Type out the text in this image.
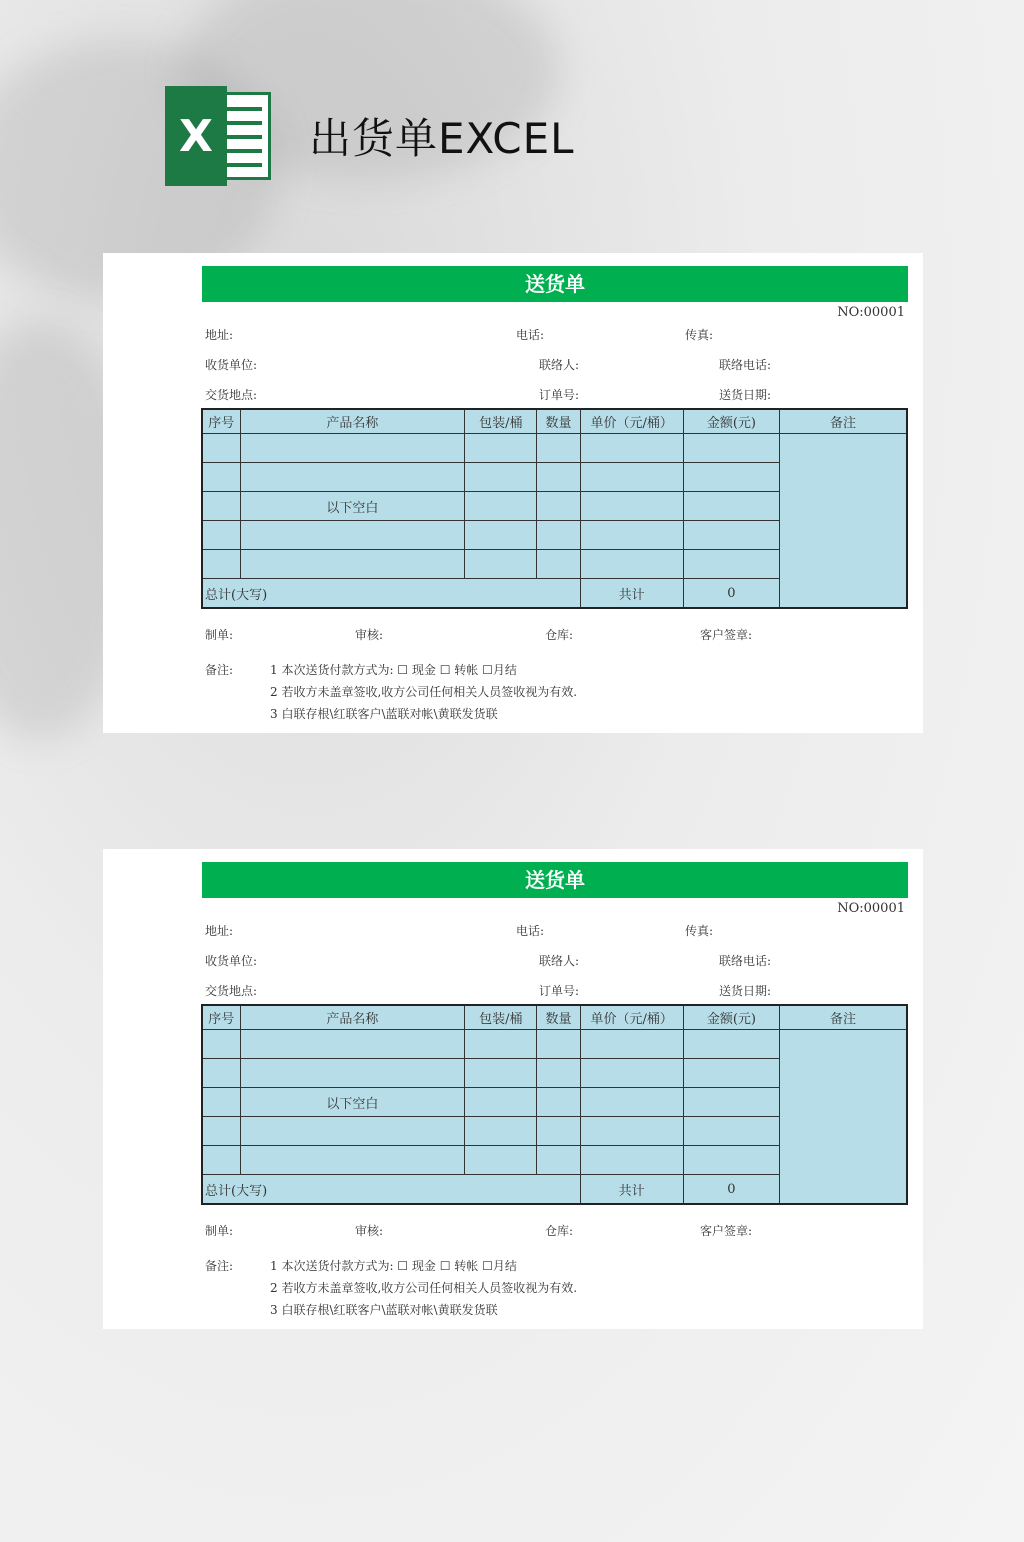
X	出货单EXCEL
送货单
NO:00001
地址:	电话:	传真:
收货单位:	联络人:	联络电话:
交货地点:	订单号:	送货日期:
序号	产品名称	包装/桶	数量	单价（元/桶）	金额(元)	备注

	以下空白					

总计(大写)				共计	0	
制单:	审核:	仓库:	客户签章:
备注:	1 本次送货付款方式为: ☐ 现金 ☐ 转帐 ☐月结
2 若收方未盖章签收,收方公司任何相关人员签收视为有效.
3 白联存根\红联客户\蓝联对帐\黄联发货联
送货单
NO:00001
地址:	电话:	传真:
收货单位:	联络人:	联络电话:
交货地点:	订单号:	送货日期:
序号	产品名称	包装/桶	数量	单价（元/桶）	金额(元)	备注

	以下空白					

总计(大写)				共计	0	
制单:	审核:	仓库:	客户签章:
备注:	1 本次送货付款方式为: ☐ 现金 ☐ 转帐 ☐月结
2 若收方未盖章签收,收方公司任何相关人员签收视为有效.
3 白联存根\红联客户\蓝联对帐\黄联发货联
